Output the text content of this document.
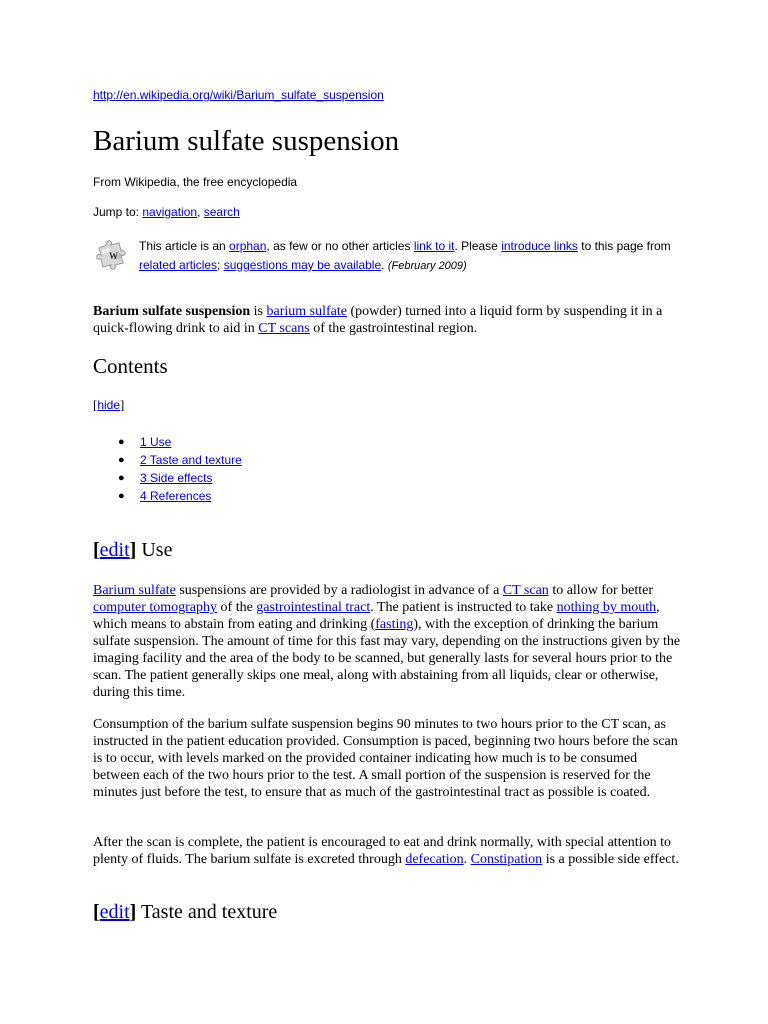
http://en.wikipedia.org/wiki/Barium_sulfate_suspension
Barium sulfate suspension
From Wikipedia, the free encyclopedia
Jump to: navigation, search
W
This article is an orphan, as few or no other articles link to it. Please introduce links to this page from related articles; suggestions may be available. (February 2009)

Barium sulfate suspension is barium sulfate (powder) turned into a liquid form by suspending it in a quick-flowing drink to aid in CT scans of the gastrointestinal region.

Contents
[hide]
● 1 Use
● 2 Taste and texture
● 3 Side effects
● 4 References
[edit] Use

Barium sulfate suspensions are provided by a radiologist in advance of a CT scan to allow for better computer tomography of the gastrointestinal tract. The patient is instructed to take nothing by mouth, which means to abstain from eating and drinking (fasting), with the exception of drinking the barium sulfate suspension. The amount of time for this fast may vary, depending on the instructions given by the imaging facility and the area of the body to be scanned, but generally lasts for several hours prior to the scan. The patient generally skips one meal, along with abstaining from all liquids, clear or otherwise, during this time.

Consumption of the barium sulfate suspension begins 90 minutes to two hours prior to the CT scan, as instructed in the patient education provided. Consumption is paced, beginning two hours before the scan is to occur, with levels marked on the provided container indicating how much is to be consumed between each of the two hours prior to the test. A small portion of the suspension is reserved for the minutes just before the test, to ensure that as much of the gastrointestinal tract as possible is coated.

After the scan is complete, the patient is encouraged to eat and drink normally, with special attention to plenty of fluids. The barium sulfate is excreted through defecation. Constipation is a possible side effect.

[edit] Taste and texture
